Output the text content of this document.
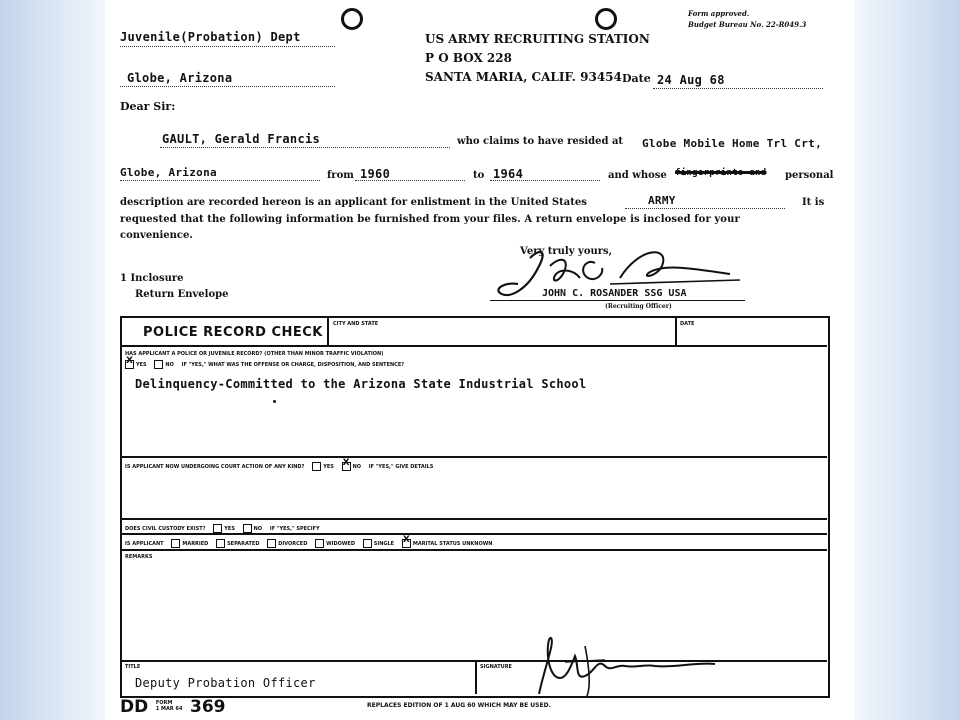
Juvenile(Probation) Dept
Globe, Arizona
US ARMY RECRUITING STATION
P O BOX 228
SANTA MARIA, CALIF. 93454 Date 24 Aug 68
Form approved.
Budget Bureau No. 22-R049.3
Dear Sir:
GAULT, Gerald Francis	who claims to have resided at Globe Mobile Home Trl Crt,
Globe, Arizona	from 1960	to 1964	and whose fingerprints and personal
description are recorded hereon is an applicant for enlistment in the United States	ARMY	It is
requested that the following information be furnished from your files. A return envelope is inclosed for your
convenience.
Very truly yours,
JOHN C. ROSANDER SSG USA
(Recruiting Officer)
1 Inclosure
Return Envelope
POLICE RECORD CHECK
CITY AND STATE	DATE
HAS APPLICANT A POLICE OR JUVENILE RECORD? (OTHER THAN MINOR TRAFFIC VIOLATION)
XYES	NO IF "YES," WHAT WAS THE OFFENSE OR CHARGE, DISPOSITION, AND SENTENCE?
Delinquency-Committed to the Arizona State Industrial School
IS APPLICANT NOW UNDERGOING COURT ACTION OF ANY KIND?	YES X	NO IF "YES," GIVE DETAILS
DOES CIVIL CUSTODY EXIST?	YES	NO IF "YES," SPECIFY
IS APPLICANT	MARRIED	SEPARATED	DIVORCED	WIDOWED	SINGLE X	MARITAL STATUS UNKNOWN
REMARKS
TITLE
Deputy Probation Officer
SIGNATURE
DD FORM
1 MAR 64 369	REPLACES EDITION OF 1 AUG 60 WHICH MAY BE USED.
